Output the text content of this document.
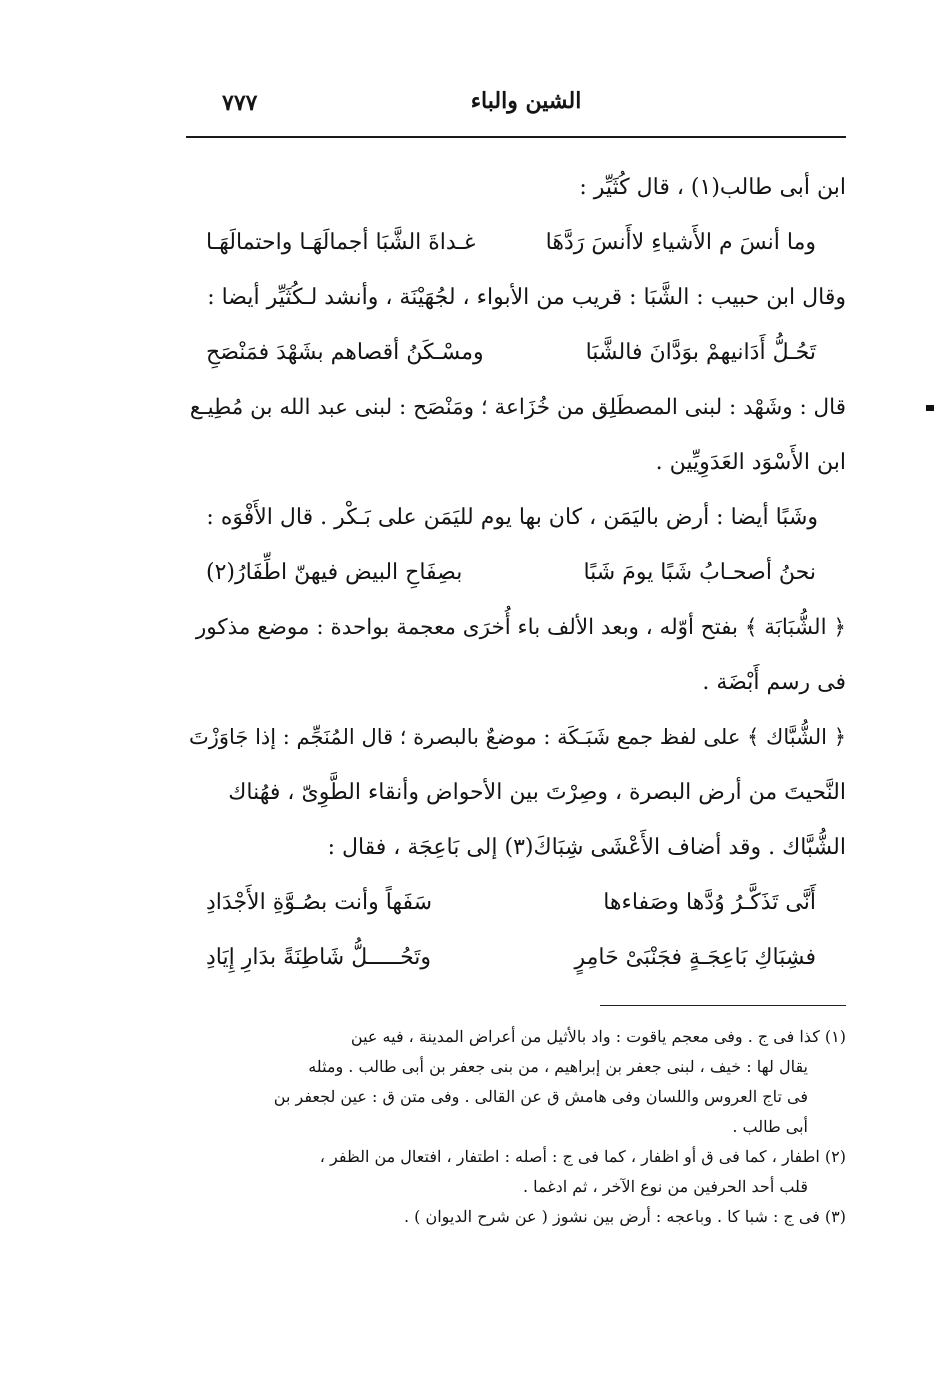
٧٧٧	الشين والباء
ابن أبى طالب(١) ، قال كُثَيِّر :
وما أنسَ م الأَشياءِ لاأَنسَ رَدَّهَا
غـداةَ الشَّبَا أجمالَهَـا واحتمالَهَـا
وقال ابن حبيب : الشَّبَا : قريب من الأبواء ، لجُهَيْنَة ، وأنشد لـكُثَيِّر أيضا :
تَحُـلُّ أَدَانيهمْ بوَدَّانَ فالشَّبَا
ومسْـكَنُ أقصاهم بشَهْدَ فمَنْصَحِ
قال : وشَهْد : لبنى المصطَلِق من خُزَاعة ؛ ومَنْصَح : لبنى عبد الله بن مُطِيـع
ابن الأَسْوَد العَدَوِيِّين .
وشَبًا أيضا : أرض باليَمَن ، كان بها يوم لليَمَن على بَـكْر . قال الأَفْوَه :
نحنُ أصحـابُ شَبًا يومَ شَبًا
بصِفَاحِ البيض فيهنّ اطِّفَارُ(٢)
﴿ الشُّبَابَة ﴾ بفتح أوّله ، وبعد الألف باء أُخرَى معجمة بواحدة : موضع مذكور
فى رسم أَبْضَة .
﴿ الشُّبَّاك ﴾ على لفظ جمع شَبَـكَة : موضعٌ بالبصرة ؛ قال المُنَجِّم : إذا جَاوَزْتَ
النَّحيتَ من أرض البصرة ، وصِرْتَ بين الأحواض وأنقاء الطَّوِىّ ، فهُناك
الشُّبَّاك . وقد أضاف الأَعْشَى شِبَاكَ(٣) إلى بَاعِجَة ، فقال :
أَنَّى تَذَكَّـرُ وُدَّها وصَفاءها
سَفَهاً وأنت بصُـوَّةِ الأَجْدَادِ
فشِبَاكِ بَاعِجَـةٍ فجَنْبَىْ حَامِرٍ
وتَحُـــــلُّ شَاطِنَةً بدَارِ إِيَادِ
(١) كذا فى ج . وفى معجم ياقوت : واد بالأثيل من أعراض المدينة ، فيه عين
يقال لها : خيف ، لبنى جعفر بن إبراهيم ، من بنى جعفر بن أبى طالب . ومثله
فى تاج العروس واللسان وفى هامش ق عن القالى . وفى متن ق : عين لجعفر بن
أبى طالب .
(٢) اطفار ، كما فى ق أو اظفار ، كما فى ج : أصله : اطتفار ، افتعال من الظفر ،
قلب أحد الحرفين من نوع الآخر ، ثم ادغما .
(٣) فى ج : شبا كا . وباعجه : أرض بين نشوز ( عن شرح الديوان ) .
